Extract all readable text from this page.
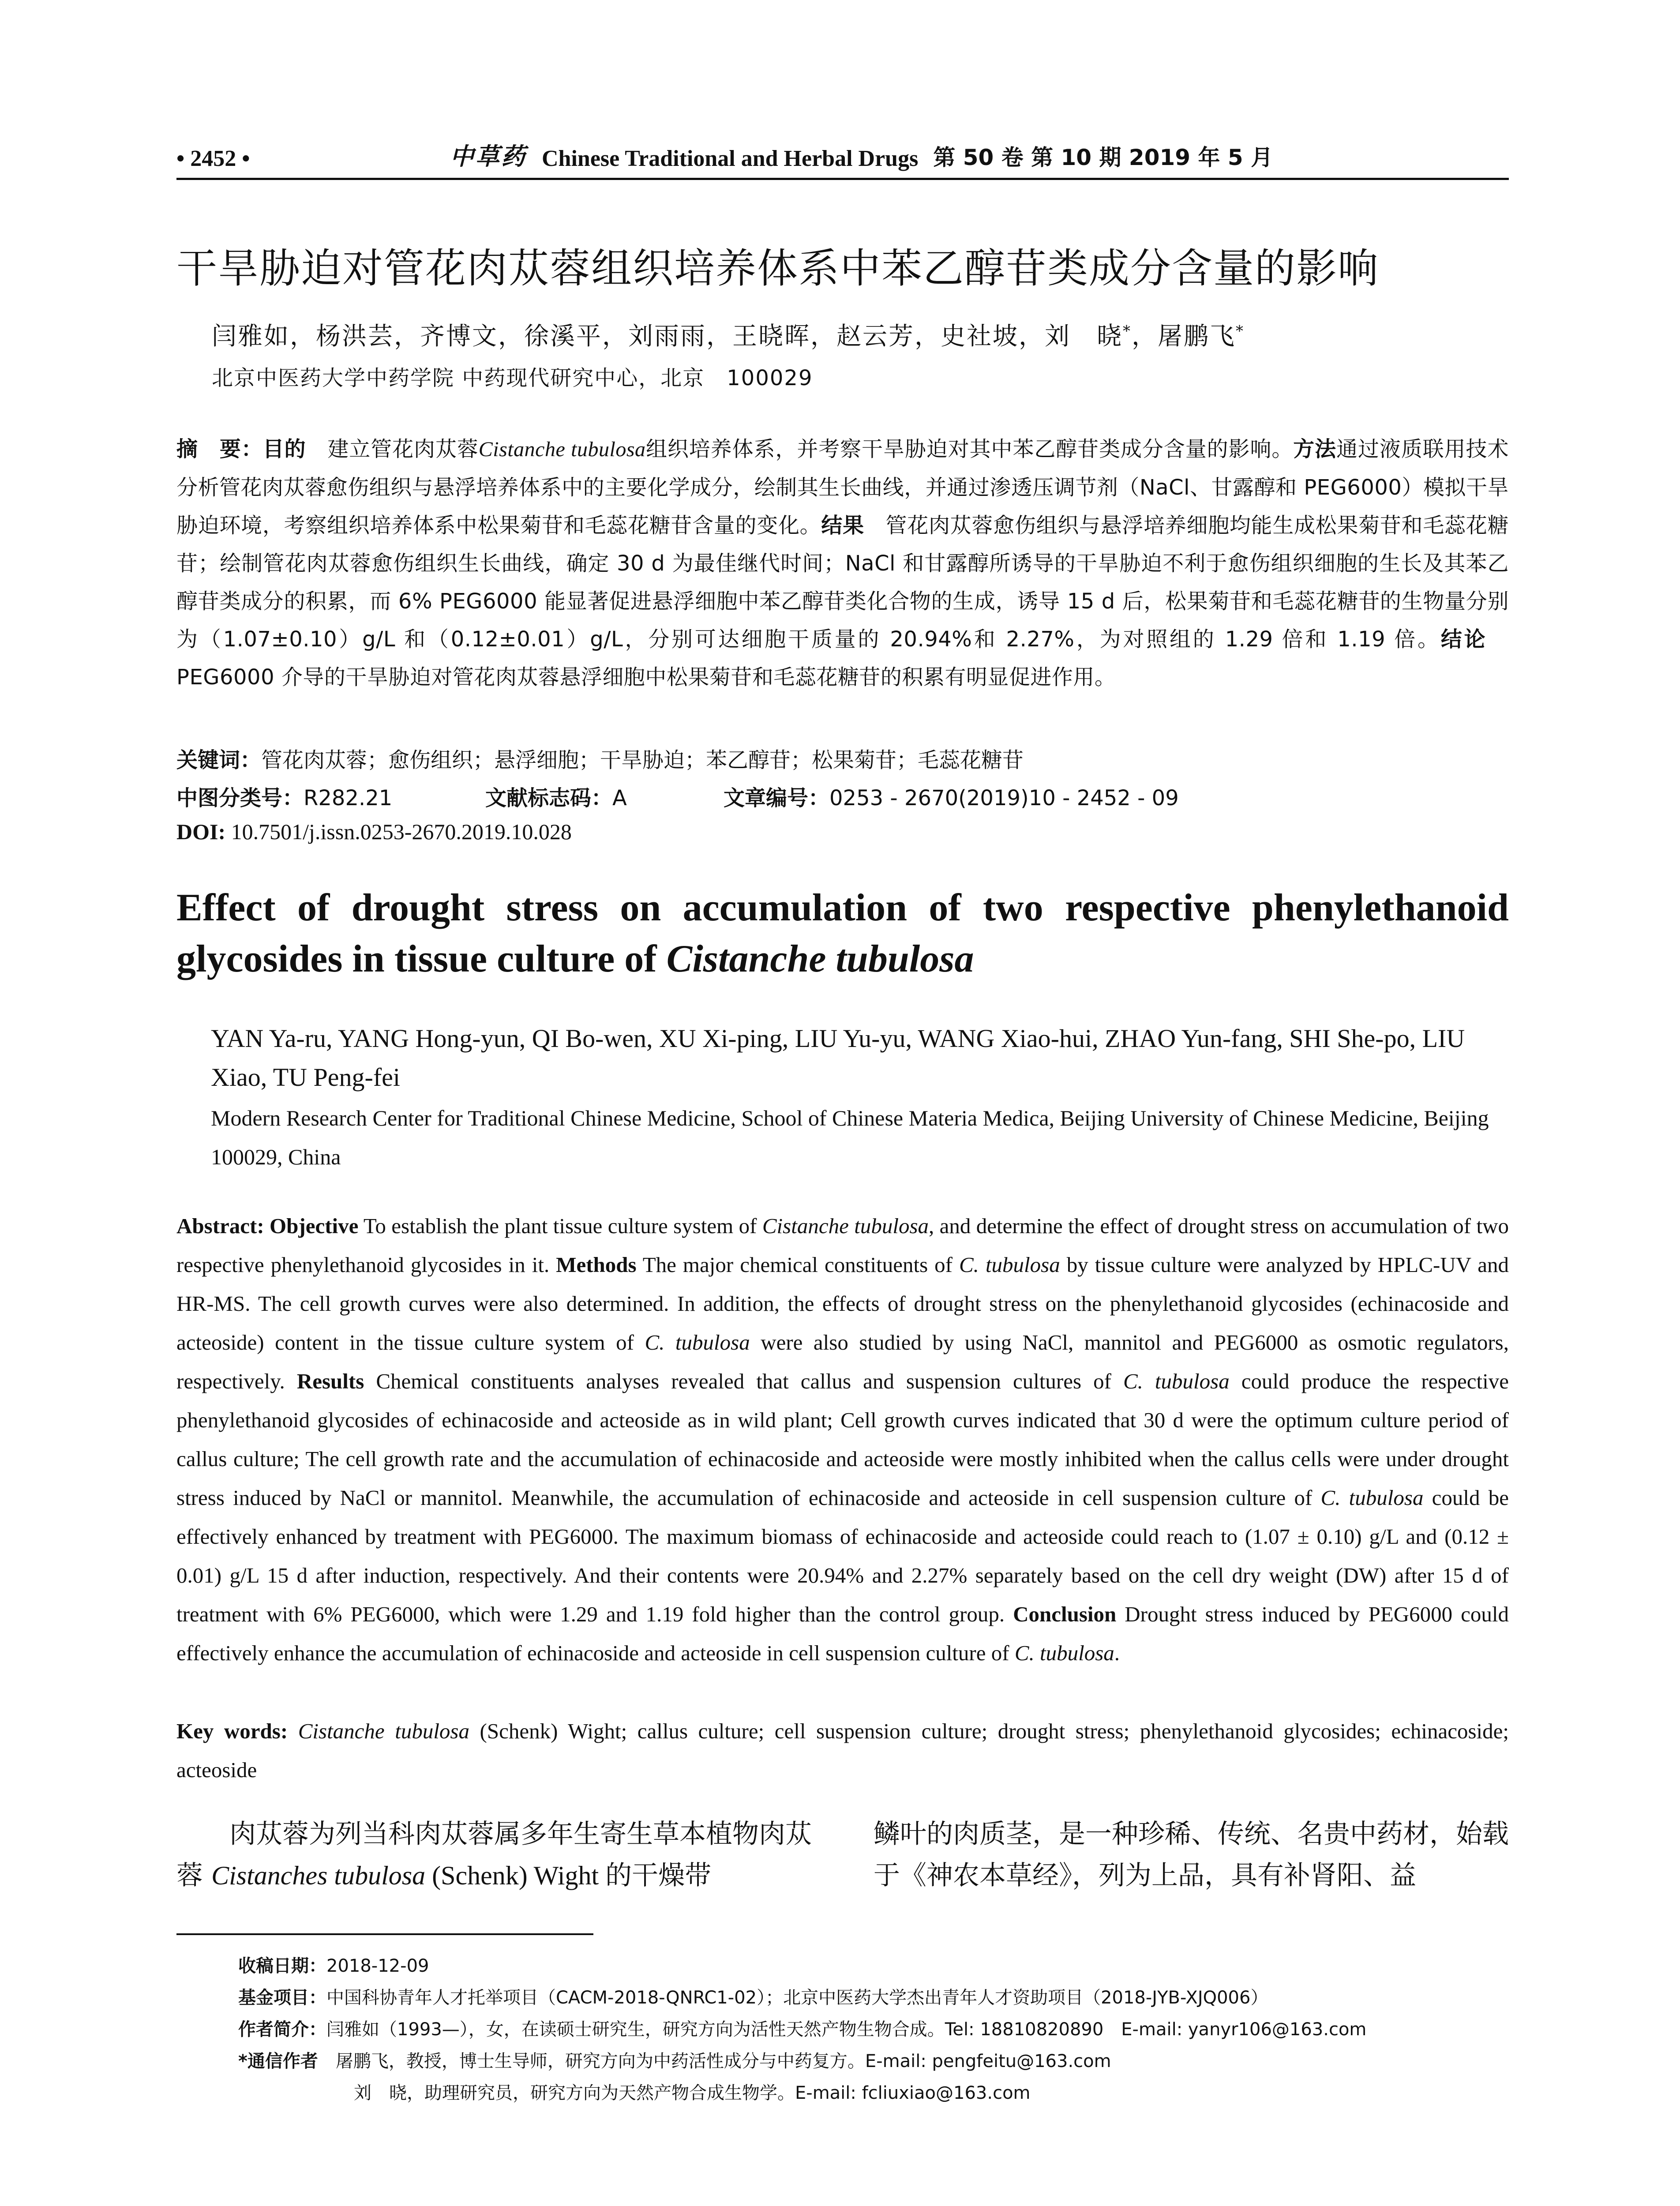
• 2452 •	中草药 Chinese Traditional and Herbal Drugs 第 50 卷 第 10 期 2019 年 5 月
干旱胁迫对管花肉苁蓉组织培养体系中苯乙醇苷类成分含量的影响
闫雅如，杨洪芸，齐博文，徐溪平，刘雨雨，王晓晖，赵云芳，史社坡，刘　晓*，屠鹏飞*
北京中医药大学中药学院 中药现代研究中心，北京　100029
摘　要：目的　建立管花肉苁蓉Cistanche tubulosa组织培养体系，并考察干旱胁迫对其中苯乙醇苷类成分含量的影响。方法通过液质联用技术分析管花肉苁蓉愈伤组织与悬浮培养体系中的主要化学成分，绘制其生长曲线，并通过渗透压调节剂（NaCl、甘露醇和 PEG6000）模拟干旱胁迫环境，考察组织培养体系中松果菊苷和毛蕊花糖苷含量的变化。结果　管花肉苁蓉愈伤组织与悬浮培养细胞均能生成松果菊苷和毛蕊花糖苷；绘制管花肉苁蓉愈伤组织生长曲线，确定 30 d 为最佳继代时间；NaCl 和甘露醇所诱导的干旱胁迫不利于愈伤组织细胞的生长及其苯乙醇苷类成分的积累，而 6% PEG6000 能显著促进悬浮细胞中苯乙醇苷类化合物的生成，诱导 15 d 后，松果菊苷和毛蕊花糖苷的生物量分别为（1.07±0.10）g/L 和（0.12±0.01）g/L，分别可达细胞干质量的 20.94%和 2.27%，为对照组的 1.29 倍和 1.19 倍。结论　PEG6000 介导的干旱胁迫对管花肉苁蓉悬浮细胞中松果菊苷和毛蕊花糖苷的积累有明显促进作用。
关键词：管花肉苁蓉；愈伤组织；悬浮细胞；干旱胁迫；苯乙醇苷；松果菊苷；毛蕊花糖苷
中图分类号：R282.21	文献标志码：A	文章编号：0253 - 2670(2019)10 - 2452 - 09
DOI: 10.7501/j.issn.0253-2670.2019.10.028
Effect of drought stress on accumulation of two respective phenylethanoid
glycosides in tissue culture of Cistanche tubulosa
YAN Ya-ru, YANG Hong-yun, QI Bo-wen, XU Xi-ping, LIU Yu-yu, WANG Xiao-hui, ZHAO Yun-fang, SHI She-po, LIU Xiao, TU Peng-fei
Modern Research Center for Traditional Chinese Medicine, School of Chinese Materia Medica, Beijing University of Chinese Medicine, Beijing 100029, China
Abstract: Objective To establish the plant tissue culture system of Cistanche tubulosa, and determine the effect of drought stress on accumulation of two respective phenylethanoid glycosides in it. Methods The major chemical constituents of C. tubulosa by tissue culture were analyzed by HPLC-UV and HR-MS. The cell growth curves were also determined. In addition, the effects of drought stress on the phenylethanoid glycosides (echinacoside and acteoside) content in the tissue culture system of C. tubulosa were also studied by using NaCl, mannitol and PEG6000 as osmotic regulators, respectively. Results Chemical constituents analyses revealed that callus and suspension cultures of C. tubulosa could produce the respective phenylethanoid glycosides of echinacoside and acteoside as in wild plant; Cell growth curves indicated that 30 d were the optimum culture period of callus culture; The cell growth rate and the accumulation of echinacoside and acteoside were mostly inhibited when the callus cells were under drought stress induced by NaCl or mannitol. Meanwhile, the accumulation of echinacoside and acteoside in cell suspension culture of C. tubulosa could be effectively enhanced by treatment with PEG6000. The maximum biomass of echinacoside and acteoside could reach to (1.07 ± 0.10) g/L and (0.12 ± 0.01) g/L 15 d after induction, respectively. And their contents were 20.94% and 2.27% separately based on the cell dry weight (DW) after 15 d of treatment with 6% PEG6000, which were 1.29 and 1.19 fold higher than the control group. Conclusion Drought stress induced by PEG6000 could effectively enhance the accumulation of echinacoside and acteoside in cell suspension culture of C. tubulosa.
Key words: Cistanche tubulosa (Schenk) Wight; callus culture; cell suspension culture; drought stress; phenylethanoid glycosides; echinacoside; acteoside
　　肉苁蓉为列当科肉苁蓉属多年生寄生草本植物肉苁蓉 Cistanches tubulosa (Schenk) Wight 的干燥带
鳞叶的肉质茎，是一种珍稀、传统、名贵中药材，始载于《神农本草经》，列为上品，具有补肾阳、益
收稿日期：2018-12-09
基金项目：中国科协青年人才托举项目（CACM-2018-QNRC1-02）；北京中医药大学杰出青年人才资助项目（2018-JYB-XJQ006）
作者简介：闫雅如（1993—），女，在读硕士研究生，研究方向为活性天然产物生物合成。Tel: 18810820890　E-mail: yanyr106@163.com
*通信作者　屠鹏飞，教授，博士生导师，研究方向为中药活性成分与中药复方。E-mail: pengfeitu@163.com
刘　晓，助理研究员，研究方向为天然产物合成生物学。E-mail: fcliuxiao@163.com
